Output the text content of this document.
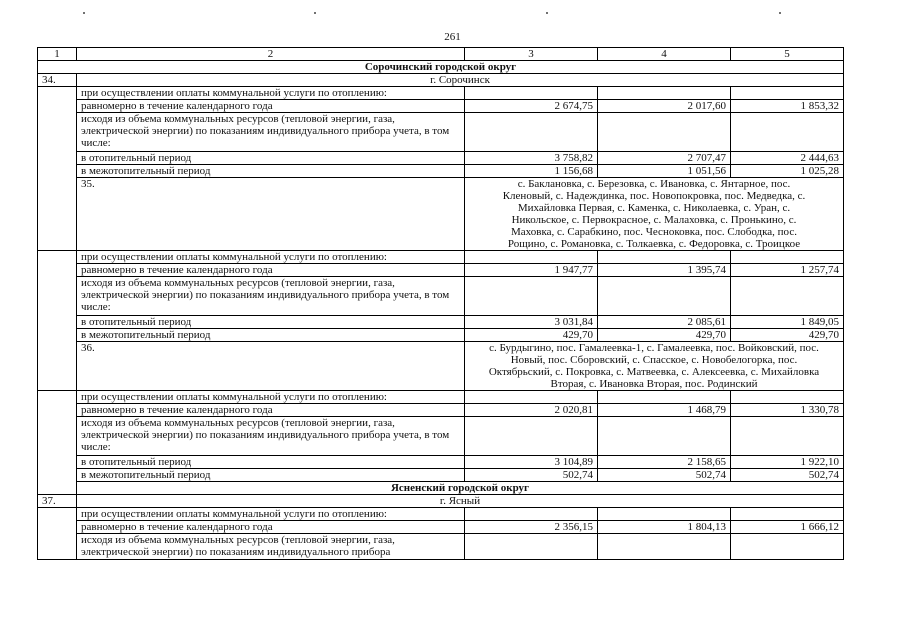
261
1	2	3	4	5
Сорочинский городской округ				
34.	г. Сорочинск			
	при осуществлении оплаты коммунальной услуги по отоплению:			
	равномерно в течение календарного года	2 674,75	2 017,60	1 853,32
	исходя из объема коммунальных ресурсов (тепловой энергии, газа, электрической энергии) по показаниям индивидуального прибора учета, в том числе:			
	в отопительный период	3 758,82	2 707,47	2 444,63
	в межотопительный период	1 156,68	1 051,56	1 025,28
	35.	с. Баклановка, с. Березовка, с. Ивановка, с. Янтарное, пос. Кленовый, с. Надеждинка, пос. Новопокровка, пос. Медведка, с. Михайловка Первая, с. Каменка, с. Николаевка, с. Уран, с. Никольское, с. Первокрасное, с. Малаховка, с. Пронькино, с. Маховка, с. Сарабкино, пос. Чесноковка, пос. Слободка, пос. Рощино, с. Романовка, с. Толкаевка, с. Федоровка, с. Троицкое		
	при осуществлении оплаты коммунальной услуги по отоплению:			
	равномерно в течение календарного года	1 947,77	1 395,74	1 257,74
	исходя из объема коммунальных ресурсов (тепловой энергии, газа, электрической энергии) по показаниям индивидуального прибора учета, в том числе:			
	в отопительный период	3 031,84	2 085,61	1 849,05
	в межотопительный период	429,70	429,70	429,70
	36.	с. Бурдыгино, пос. Гамалеевка-1, с. Гамалеевка, пос. Войковский, пос. Новый, пос. Сборовский, с. Спасское, с. Новобелогорка, пос. Октябрьский, с. Покровка, с. Матвеевка, с. Алексеевка, с. Михайловка Вторая, с. Ивановка Вторая, пос. Родинский		
	при осуществлении оплаты коммунальной услуги по отоплению:			
	равномерно в течение календарного года	2 020,81	1 468,79	1 330,78
	исходя из объема коммунальных ресурсов (тепловой энергии, газа, электрической энергии) по показаниям индивидуального прибора учета, в том числе:			
	в отопительный период	3 104,89	2 158,65	1 922,10
	в межотопительный период	502,74	502,74	502,74
	Ясненский городской округ			
37.	г. Ясный			
	при осуществлении оплаты коммунальной услуги по отоплению:			
	равномерно в течение календарного года	2 356,15	1 804,13	1 666,12
	исходя из объема коммунальных ресурсов (тепловой энергии, газа, электрической энергии) по показаниям индивидуального прибора			
